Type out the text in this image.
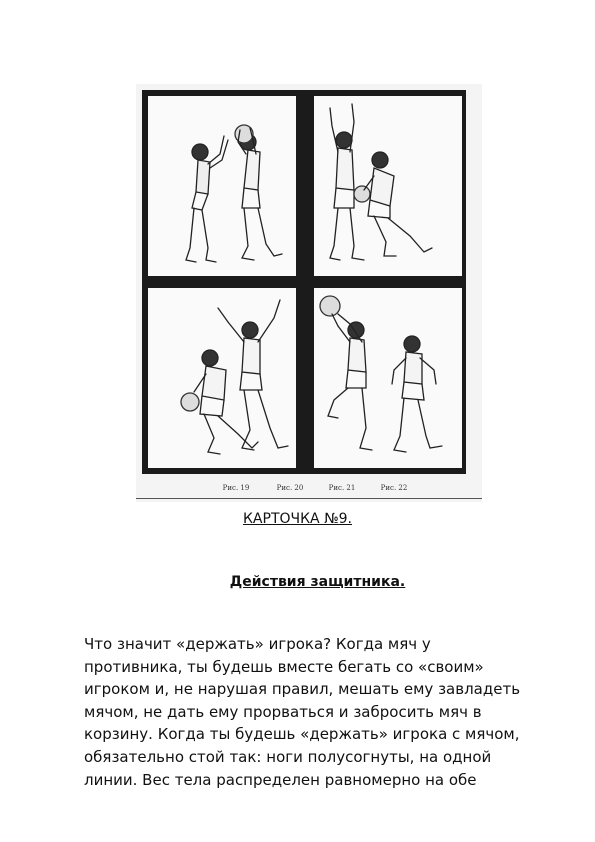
Рис. 19	Рис. 20	Рис. 21	Рис. 22
КАРТОЧКА №9.
Действия защитника.
Что значит «держать» игрока? Когда мяч у
противника, ты будешь вместе бегать со «своим»
игроком и, не нарушая правил, мешать ему завладеть
мячом, не дать ему прорваться и забросить мяч в
корзину. Когда ты будешь «держать» игрока с мячом,
обязательно стой так: ноги полусогнуты, на одной
линии. Вес тела распределен равномерно на обе
